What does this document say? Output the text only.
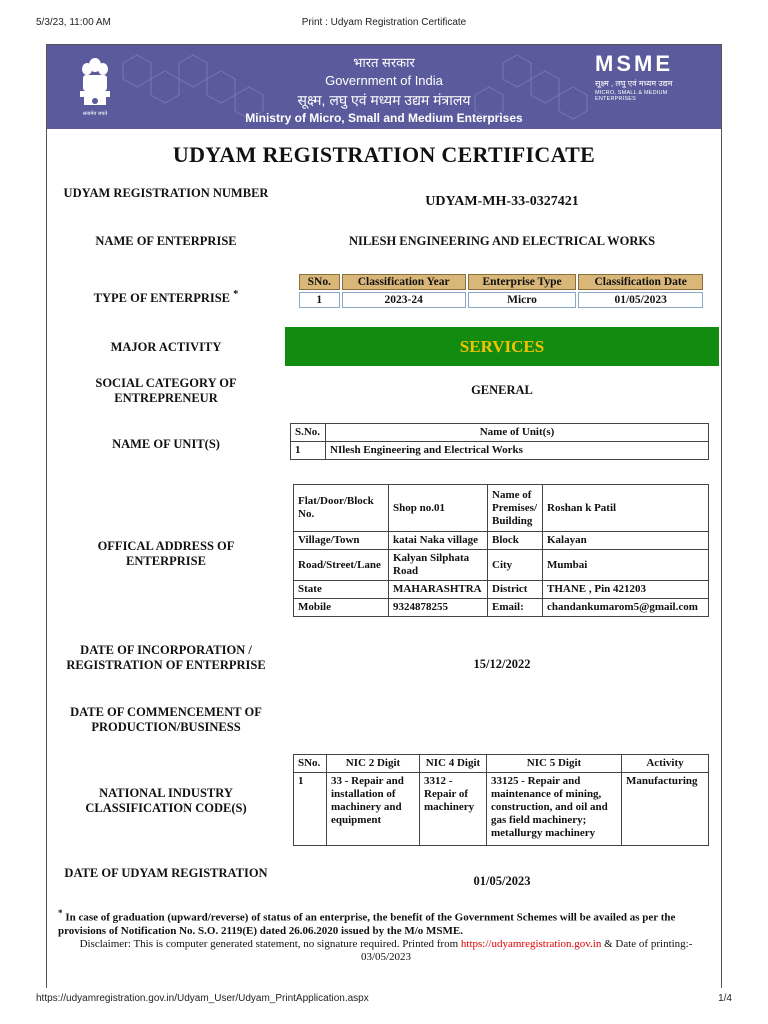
5/3/23, 11:00 AM	Print : Udyam Registration Certificate
सत्यमेव जयते
भारत सरकार
Government of India
सूक्ष्म, लघु एवं मध्यम उद्यम मंत्रालय
Ministry of Micro, Small and Medium Enterprises
MSME
सूक्ष्म , लघु एवं मध्यम उद्यम
MICRO, SMALL & MEDIUM ENTERPRISES
UDYAM REGISTRATION CERTIFICATE
UDYAM REGISTRATION NUMBER
UDYAM-MH-33-0327421
NAME OF ENTERPRISE	NILESH ENGINEERING AND ELECTRICAL WORKS
TYPE OF ENTERPRISE *
SNo.	Classification Year	Enterprise Type	Classification Date
1	2023-24	Micro	01/05/2023
MAJOR ACTIVITY	SERVICES
SOCIAL CATEGORY OF ENTREPRENEUR
GENERAL
NAME OF UNIT(S)
S.No.	Name of Unit(s)
1	NIlesh Engineering and Electrical Works
OFFICAL ADDRESS OF ENTERPRISE
Flat/Door/Block No.	Shop no.01	Name of Premises/ Building	Roshan k Patil
Village/Town	katai Naka village	Block	Kalayan
Road/Street/Lane	Kalyan Silphata Road	City	Mumbai
State	MAHARASHTRA	District	THANE , Pin 421203
Mobile	9324878255	Email:	chandankumarom5@gmail.com
DATE OF INCORPORATION / REGISTRATION OF ENTERPRISE	15/12/2022
DATE OF COMMENCEMENT OF PRODUCTION/BUSINESS
NATIONAL INDUSTRY CLASSIFICATION CODE(S)
SNo.	NIC 2 Digit	NIC 4 Digit	NIC 5 Digit	Activity
1	33 - Repair and installation of machinery and equipment	3312 - Repair of machinery	33125 - Repair and maintenance of mining, construction, and oil and gas field machinery; metallurgy machinery	Manufacturing
DATE OF UDYAM REGISTRATION
01/05/2023
* In case of graduation (upward/reverse) of status of an enterprise, the benefit of the Government Schemes will be availed as per the provisions of Notification No. S.O. 2119(E) dated 26.06.2020 issued by the M/o MSME.
Disclaimer: This is computer generated statement, no signature required. Printed from https://udyamregistration.gov.in & Date of printing:-
03/05/2023
https://udyamregistration.gov.in/Udyam_User/Udyam_PrintApplication.aspx	1/4
